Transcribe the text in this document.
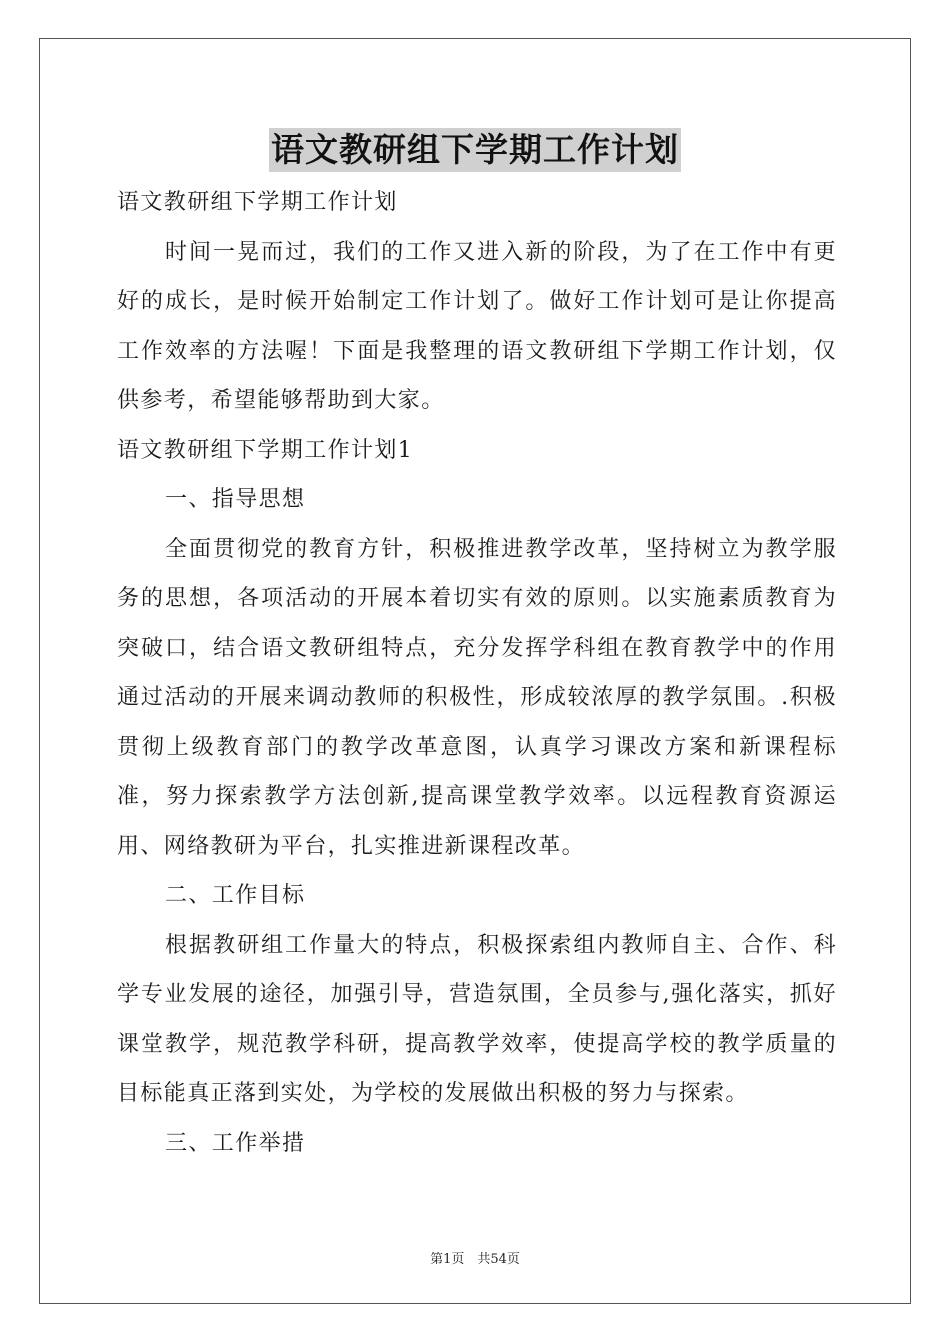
语文教研组下学期工作计划

语文教研组下学期工作计划

时间一晃而过，我们的工作又进入新的阶段，为了在工作中有更好的成长，是时候开始制定工作计划了。做好工作计划可是让你提高工作效率的方法喔！下面是我整理的语文教研组下学期工作计划，仅供参考，希望能够帮助到大家。

语文教研组下学期工作计划1

一、指导思想

全面贯彻党的教育方针，积极推进教学改革，坚持树立为教学服务的思想，各项活动的开展本着切实有效的原则。以实施素质教育为突破口，结合语文教研组特点，充分发挥学科组在教育教学中的作用通过活动的开展来调动教师的积极性，形成较浓厚的教学氛围。.积极贯彻上级教育部门的教学改革意图，认真学习课改方案和新课程标准，努力探索教学方法创新,提高课堂教学效率。以远程教育资源运用、网络教研为平台，扎实推进新课程改革。

二、工作目标

根据教研组工作量大的特点，积极探索组内教师自主、合作、科学专业发展的途径，加强引导，营造氛围，全员参与,强化落实，抓好课堂教学，规范教学科研，提高教学效率，使提高学校的教学质量的目标能真正落到实处，为学校的发展做出积极的努力与探索。

三、工作举措

第1页　共54页
